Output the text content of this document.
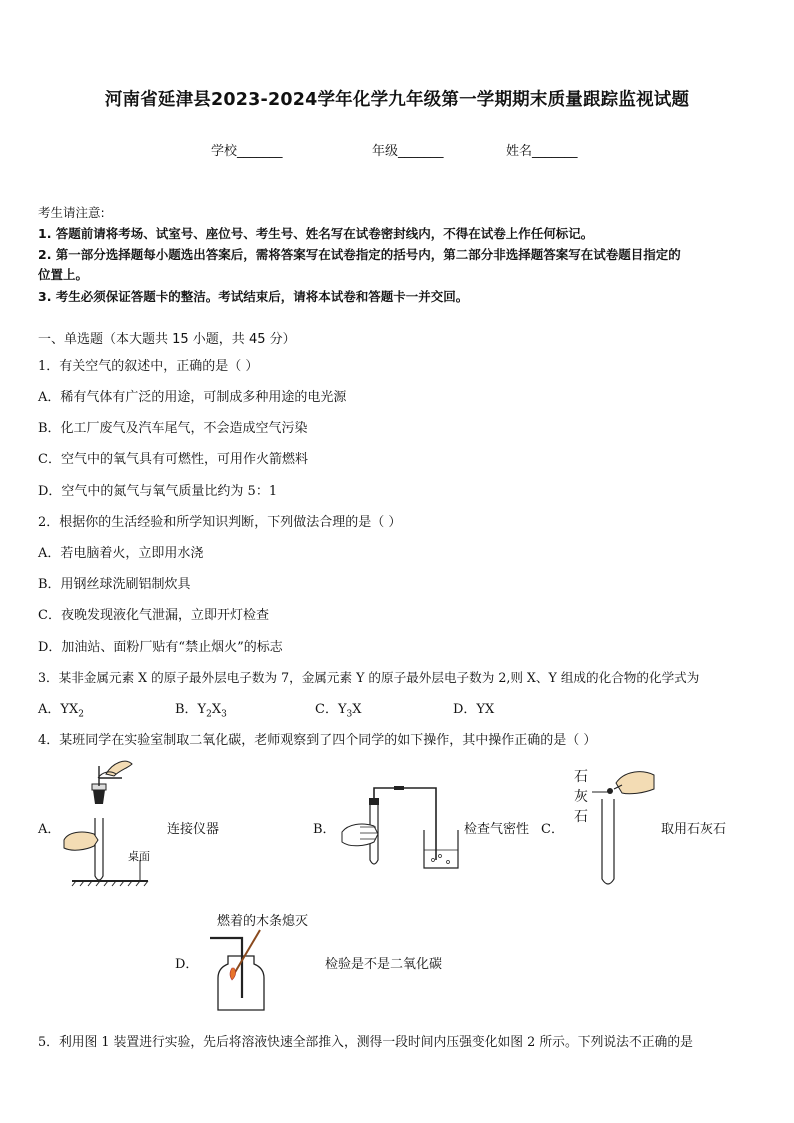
河南省延津县2023-2024学年化学九年级第一学期期末质量跟踪监视试题
学校_______	年级_______	姓名_______
考生请注意:
1. 答题前请将考场、试室号、座位号、考生号、姓名写在试卷密封线内，不得在试卷上作任何标记。
2. 第一部分选择题每小题选出答案后，需将答案写在试卷指定的括号内，第二部分非选择题答案写在试卷题目指定的
位置上。
3. 考生必须保证答题卡的整洁。考试结束后，请将本试卷和答题卡一并交回。
一、单选题（本大题共 15 小题，共 45 分）
1．有关空气的叙述中，正确的是（ ）
A．稀有气体有广泛的用途，可制成多种用途的电光源
B．化工厂废气及汽车尾气，不会造成空气污染
C．空气中的氧气具有可燃性，可用作火箭燃料
D．空气中的氮气与氧气质量比约为 5：1
2．根据你的生活经验和所学知识判断，下列做法合理的是（ ）
A．若电脑着火，立即用水浇
B．用钢丝球洗刷铝制炊具
C．夜晚发现液化气泄漏，立即开灯检查
D．加油站、面粉厂贴有“禁止烟火”的标志
3．某非金属元素 X 的原子最外层电子数为 7，金属元素 Y 的原子最外层电子数为 2,则 X、Y 组成的化合物的化学式为
A．$YX_2$	B．$Y_2X_3$	C．$Y_3X$	D．YX
4．某班同学在实验室制取二氧化碳，老师观察到了四个同学的如下操作，其中操作正确的是（ ）
A．
桌面
连接仪器	B．	检查气密性 C．
石
灰
石
取用石灰石
燃着的木条熄灭
D．	检验是不是二氧化碳
5．利用图 1 装置进行实验，先后将溶液快速全部推入，测得一段时间内压强变化如图 2 所示。下列说法不正确的是
